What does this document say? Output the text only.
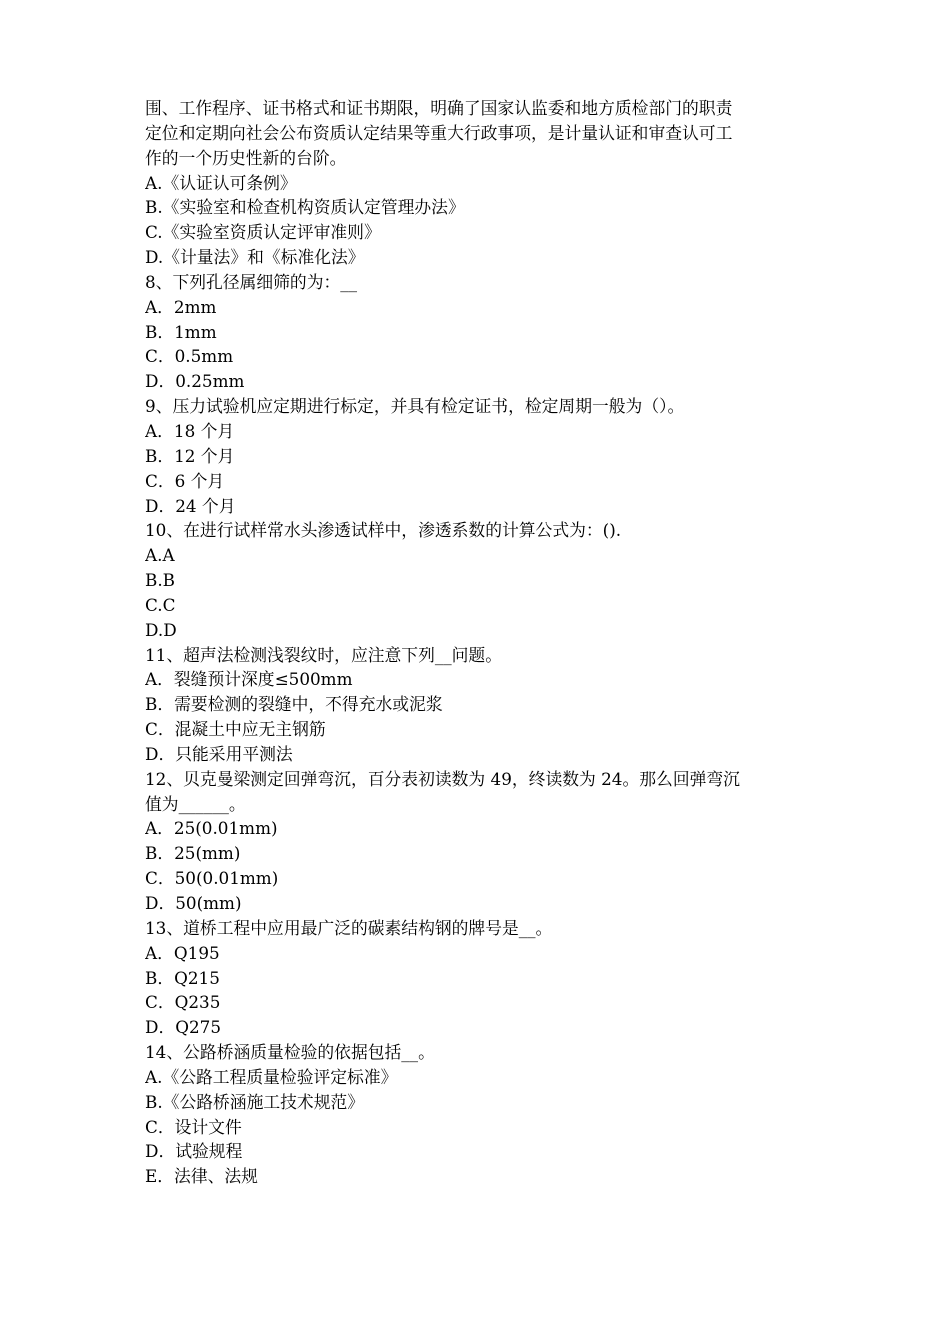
围、工作程序、证书格式和证书期限，明确了国家认监委和地方质检部门的职责
定位和定期向社会公布资质认定结果等重大行政事项，是计量认证和审查认可工
作的一个历史性新的台阶。
A.《认证认可条例》
B.《实验室和检查机构资质认定管理办法》
C.《实验室资质认定评审准则》
D.《计量法》和《标准化法》
8、下列孔径属细筛的为：__
A．2mm
B．1mm
C．0.5mm
D．0.25mm
9、压力试验机应定期进行标定，并具有检定证书，检定周期一般为（）。
A．18 个月
B．12 个月
C．6 个月
D．24 个月
10、在进行试样常水头渗透试样中，渗透系数的计算公式为：().
A.A
B.B
C.C
D.D
11、超声法检测浅裂纹时，应注意下列__问题。
A．裂缝预计深度≤500mm
B．需要检测的裂缝中，不得充水或泥浆
C．混凝土中应无主钢筋
D．只能采用平测法
12、贝克曼梁测定回弹弯沉，百分表初读数为 49，终读数为 24。那么回弹弯沉
值为______。
A．25(0.01mm)
B．25(mm)
C．50(0.01mm)
D．50(mm)
13、道桥工程中应用最广泛的碳素结构钢的牌号是__。
A．Q195
B．Q215
C．Q235
D．Q275
14、公路桥涵质量检验的依据包括__。
A.《公路工程质量检验评定标准》
B.《公路桥涵施工技术规范》
C．设计文件
D．试验规程
E．法律、法规
